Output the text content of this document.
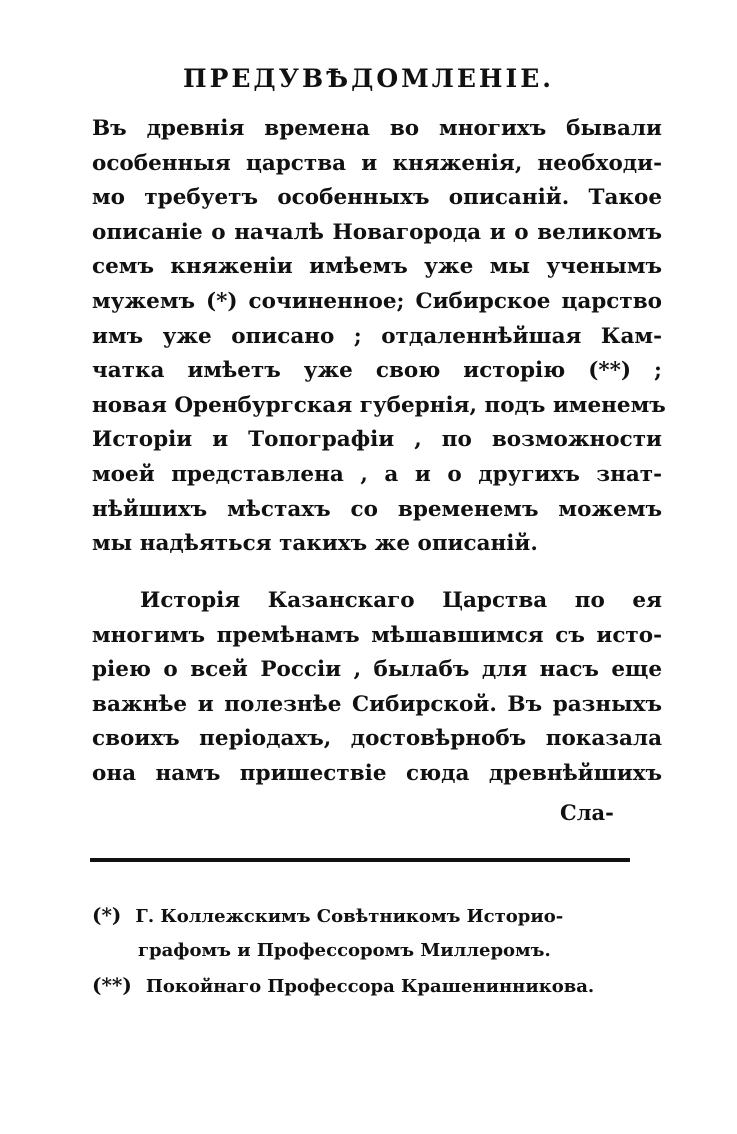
ПРЕДУВѢДОМЛЕНІЕ.
Въ древнія времена во многихъ бывали
особенныя царства и княженія, необходи-
мо требуетъ особенныхъ описаній. Такое
описаніе о началѣ Новагорода и о великомъ
семъ княженіи имѣемъ уже мы ученымъ
мужемъ (*) сочиненное; Сибирское царство
имъ уже описано ; отдаленнѣйшая Кам-
чатка имѣетъ уже свою исторію (**) ;
новая Оренбургская губернія, подъ именемъ
Исторіи и Топографіи , по возможности
моей представлена , а и о другихъ знат-
нѣйшихъ мѣстахъ со временемъ можемъ
мы надѣяться такихъ же описаній.
Исторія Казанскаго Царства по ея
многимъ премѣнамъ мѣшавшимся съ исто-
ріею о всей Россіи , былабъ для насъ еще
важнѣе и полезнѣе Сибирской. Въ разныхъ
своихъ періодахъ, достовѣрнобъ показала
она намъ пришествіе сюда древнѣйшихъ
Сла-
(*) Г. Коллежскимъ Совѣтникомъ Историо-
графомъ и Профессоромъ Миллеромъ.
(**) Покойнаго Профессора Крашенинникова.
